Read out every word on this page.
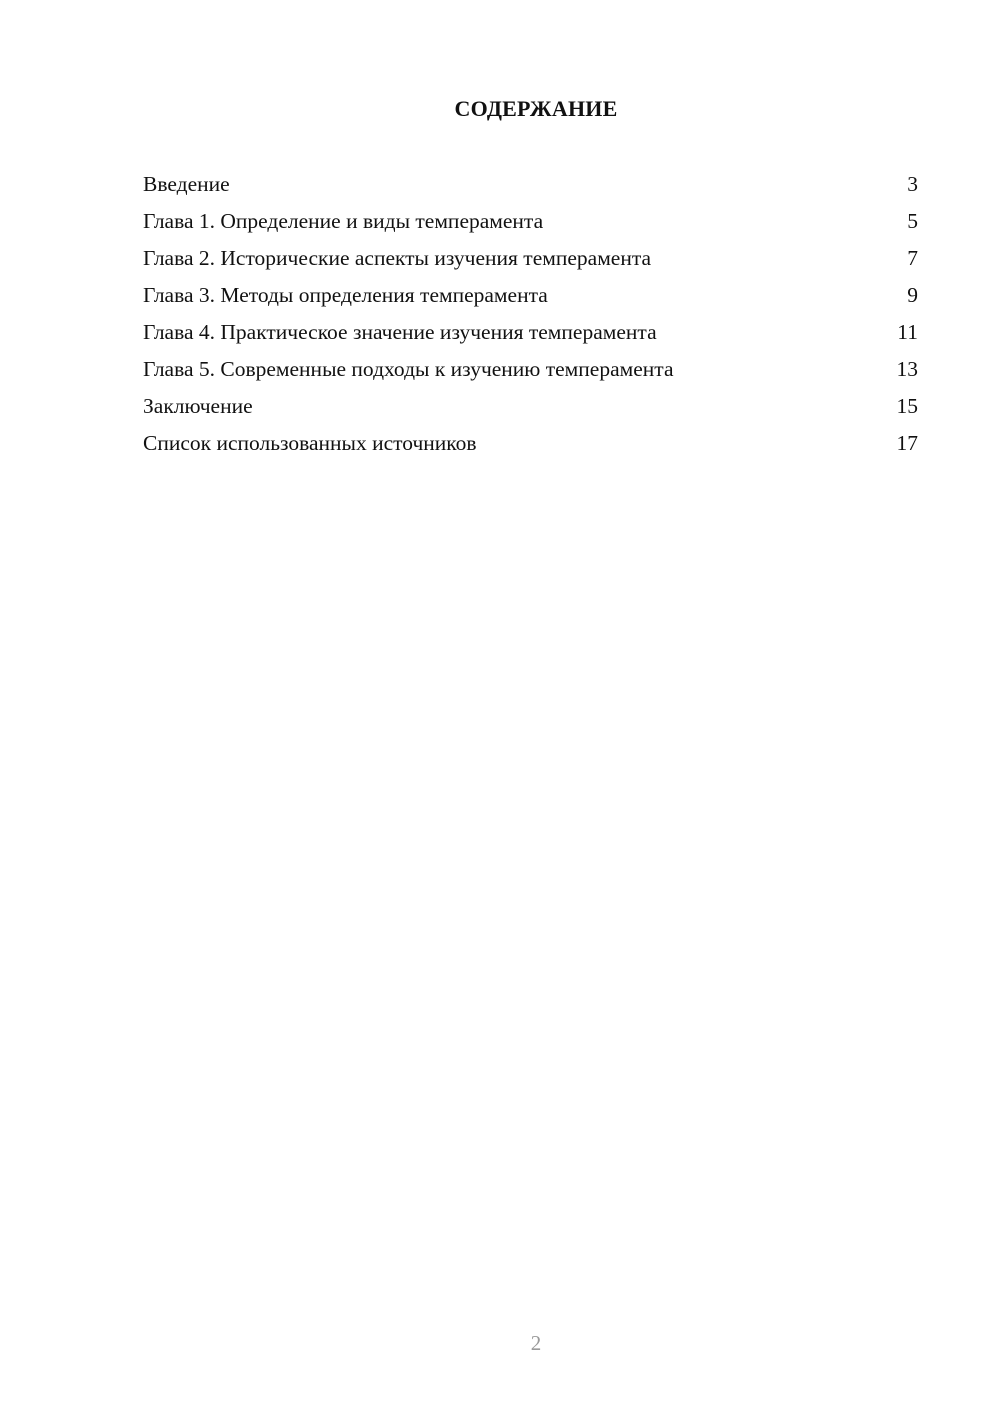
СОДЕРЖАНИЕ
Введение	3
Глава 1. Определение и виды темперамента	5
Глава 2. Исторические аспекты изучения темперамента	7
Глава 3. Методы определения темперамента	9
Глава 4. Практическое значение изучения темперамента	11
Глава 5. Современные подходы к изучению темперамента	13
Заключение	15
Список использованных источников	17
2
